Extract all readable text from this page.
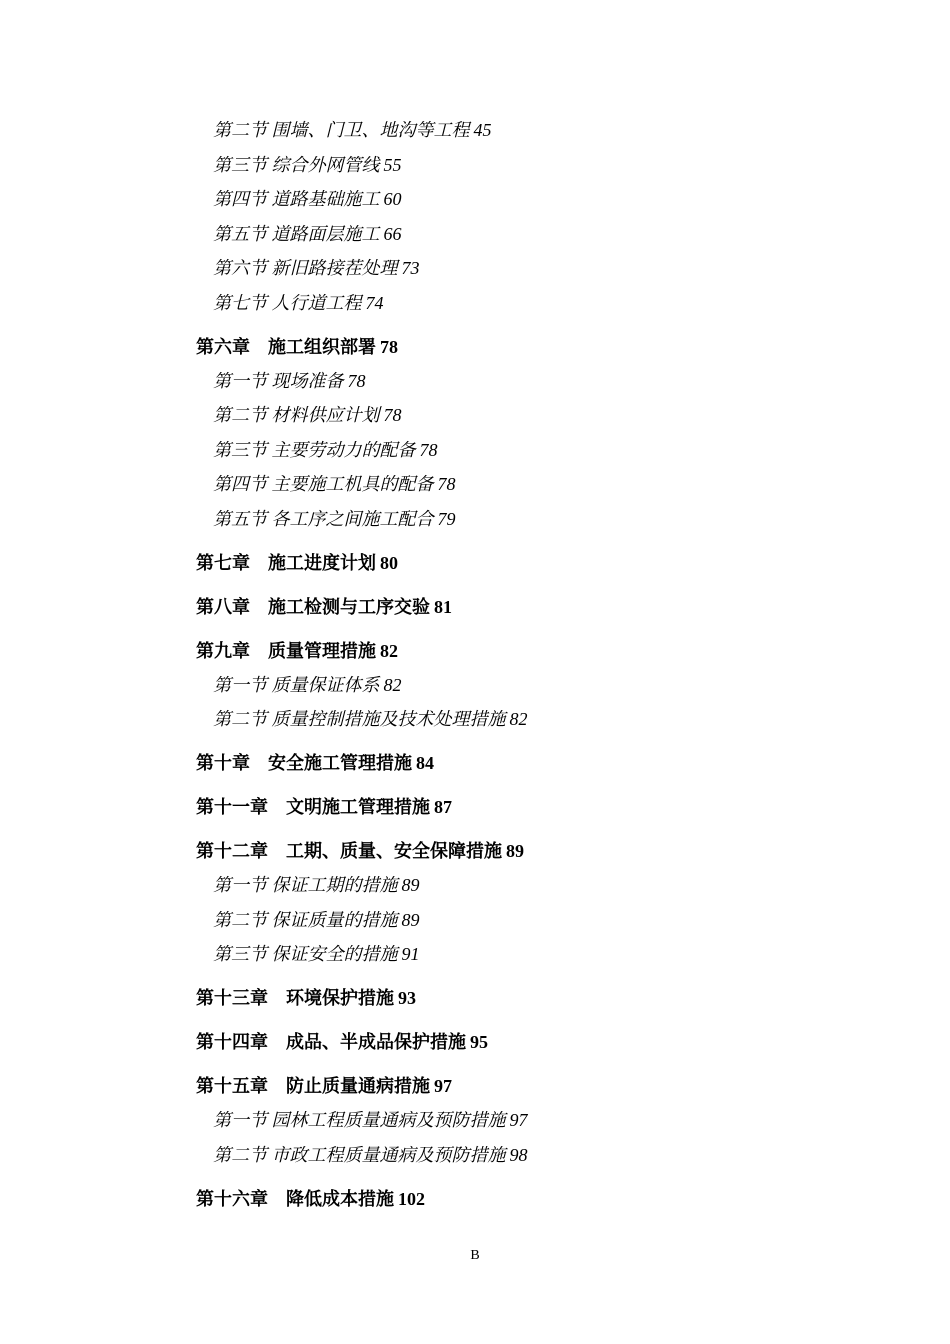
第二节 围墙、门卫、地沟等工程 45
第三节 综合外网管线 55
第四节 道路基础施工 60
第五节 道路面层施工 66
第六节 新旧路接茬处理 73
第七节 人行道工程 74
第六章　施工组织部署 78
第一节 现场准备 78
第二节 材料供应计划 78
第三节 主要劳动力的配备 78
第四节 主要施工机具的配备 78
第五节 各工序之间施工配合 79
第七章　施工进度计划 80
第八章　施工检测与工序交验 81
第九章　质量管理措施 82
第一节 质量保证体系 82
第二节 质量控制措施及技术处理措施 82
第十章　安全施工管理措施 84
第十一章　文明施工管理措施 87
第十二章　工期、质量、安全保障措施 89
第一节 保证工期的措施 89
第二节 保证质量的措施 89
第三节 保证安全的措施 91
第十三章　环境保护措施 93
第十四章　成品、半成品保护措施 95
第十五章　防止质量通病措施 97
第一节 园林工程质量通病及预防措施 97
第二节 市政工程质量通病及预防措施 98
第十六章　降低成本措施 102
B
